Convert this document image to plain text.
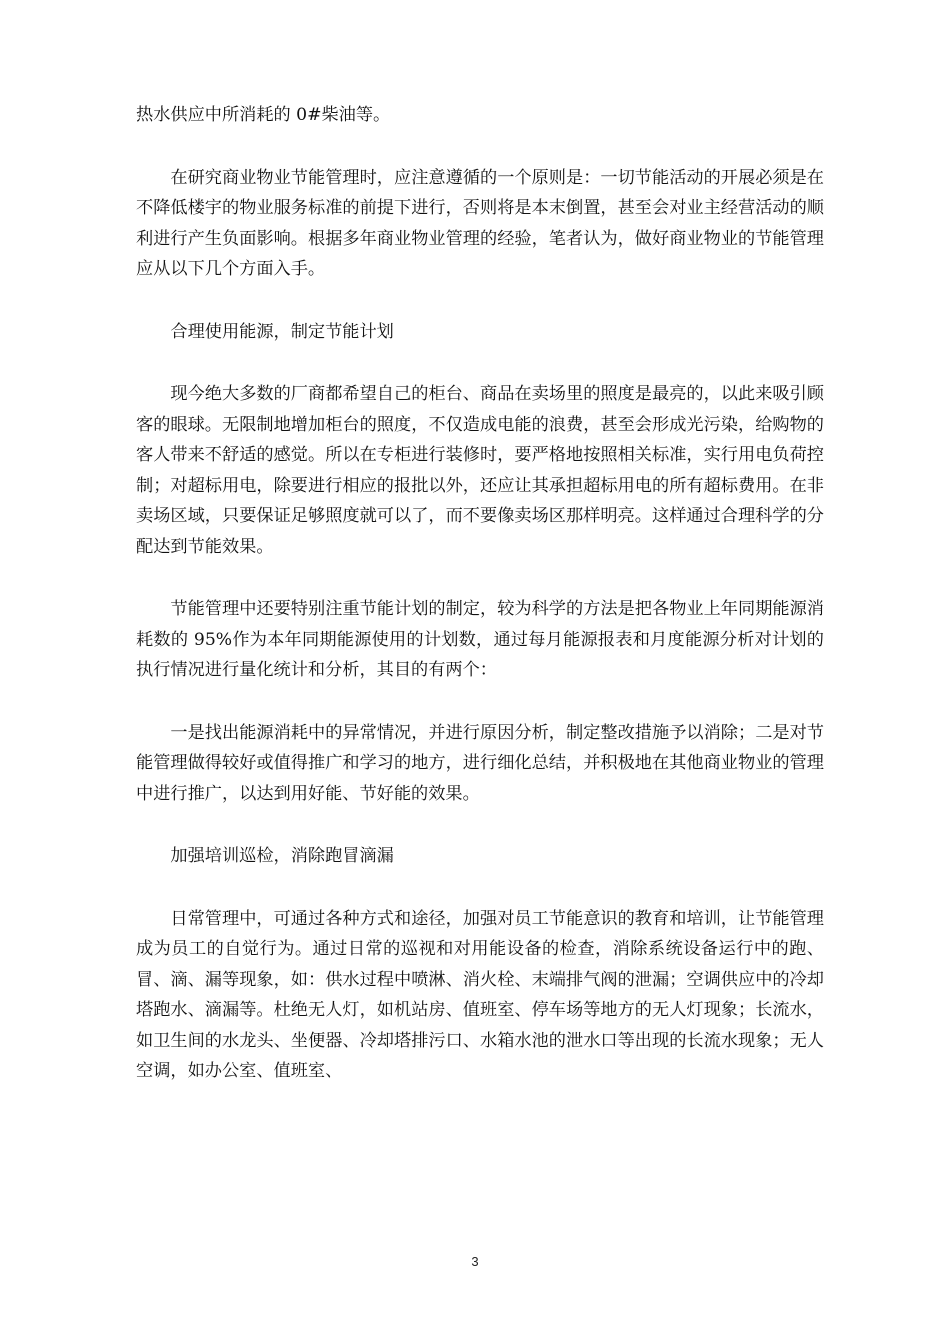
热水供应中所消耗的 0#柴油等。

在研究商业物业节能管理时，应注意遵循的一个原则是：一切节能活动的开展必须是在不降低楼宇的物业服务标准的前提下进行，否则将是本末倒置，甚至会对业主经营活动的顺利进行产生负面影响。根据多年商业物业管理的经验，笔者认为，做好商业物业的节能管理应从以下几个方面入手。

合理使用能源，制定节能计划

现今绝大多数的厂商都希望自己的柜台、商品在卖场里的照度是最亮的，以此来吸引顾客的眼球。无限制地增加柜台的照度，不仅造成电能的浪费，甚至会形成光污染，给购物的客人带来不舒适的感觉。所以在专柜进行装修时，要严格地按照相关标准，实行用电负荷控制；对超标用电，除要进行相应的报批以外，还应让其承担超标用电的所有超标费用。在非卖场区域，只要保证足够照度就可以了，而不要像卖场区那样明亮。这样通过合理科学的分配达到节能效果。

节能管理中还要特别注重节能计划的制定，较为科学的方法是把各物业上年同期能源消耗数的 95%作为本年同期能源使用的计划数，通过每月能源报表和月度能源分析对计划的执行情况进行量化统计和分析，其目的有两个：

一是找出能源消耗中的异常情况，并进行原因分析，制定整改措施予以消除；二是对节能管理做得较好或值得推广和学习的地方，进行细化总结，并积极地在其他商业物业的管理中进行推广，以达到用好能、节好能的效果。

加强培训巡检，消除跑冒滴漏

日常管理中，可通过各种方式和途径，加强对员工节能意识的教育和培训，让节能管理成为员工的自觉行为。通过日常的巡视和对用能设备的检查，消除系统设备运行中的跑、冒、滴、漏等现象，如：供水过程中喷淋、消火栓、末端排气阀的泄漏；空调供应中的冷却塔跑水、滴漏等。杜绝无人灯，如机站房、值班室、停车场等地方的无人灯现象；长流水，如卫生间的水龙头、坐便器、冷却塔排污口、水箱水池的泄水口等出现的长流水现象；无人空调，如办公室、值班室、

3
